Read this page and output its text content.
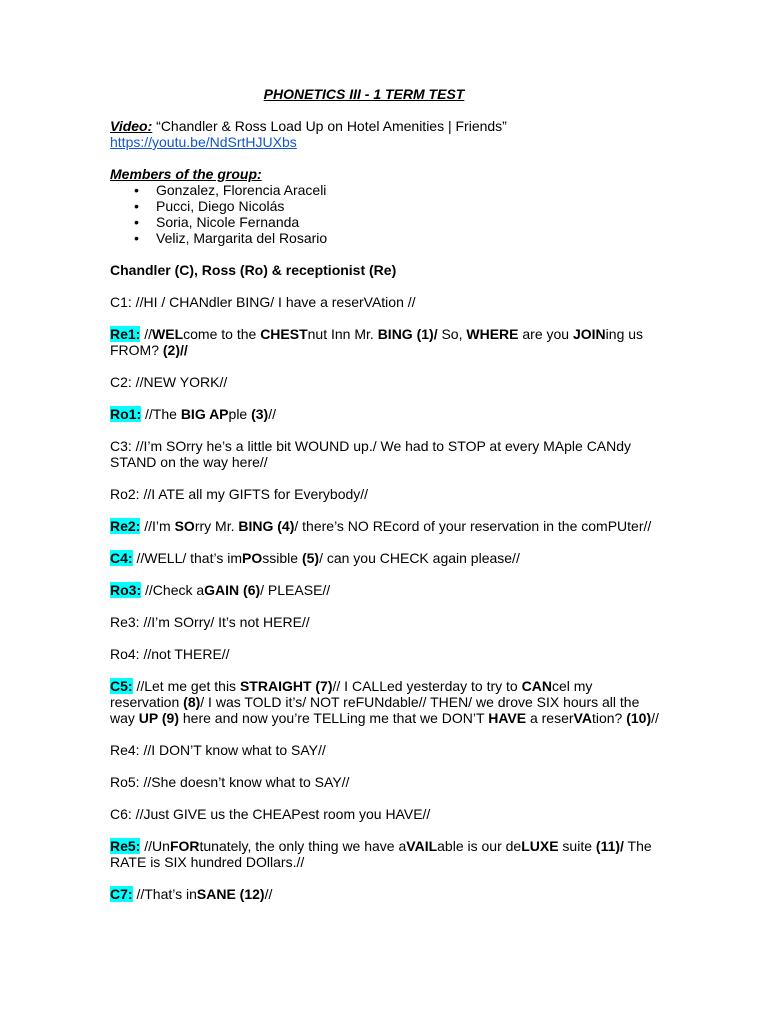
PHONETICS III - 1 TERM TEST
Video: “Chandler & Ross Load Up on Hotel Amenities | Friends”
https://youtu.be/NdSrtHJUXbs
Members of the group:
• Gonzalez, Florencia Araceli
• Pucci, Diego Nicolás
• Soria, Nicole Fernanda
• Veliz, Margarita del Rosario
Chandler (C), Ross (Ro) & receptionist (Re)
C1: //HI / CHANdler BING/ I have a reserVAtion //
Re1: //WELcome to the CHESTnut Inn Mr. BING (1)/ So, WHERE are you JOINing us FROM? (2)//
C2: //NEW YORK//
Ro1: //The BIG APple (3)//
C3: //I’m SOrry he’s a little bit WOUND up./ We had to STOP at every MAple CANdy STAND on the way here//
Ro2: //I ATE all my GIFTS for Everybody//
Re2: //I’m SOrry Mr. BING (4)/ there’s NO REcord of your reservation in the comPUter//
C4: //WELL/ that’s imPOssible (5)/ can you CHECK again please//
Ro3: //Check aGAIN (6)/ PLEASE//
Re3: //I’m SOrry/ It’s not HERE//
Ro4: //not THERE//
C5: //Let me get this STRAIGHT (7)// I CALLed yesterday to try to CANcel my reservation (8)/ I was TOLD it’s/ NOT reFUNdable// THEN/ we drove SIX hours all the way UP (9) here and now you’re TELLing me that we DON’T HAVE a reserVAtion? (10)//
Re4: //I DON’T know what to SAY//
Ro5: //She doesn’t know what to SAY//
C6: //Just GIVE us the CHEAPest room you HAVE//
Re5: //UnFORtunately, the only thing we have aVAILable is our deLUXE suite (11)/ The RATE is SIX hundred DOllars.//
C7: //That’s inSANE (12)//
